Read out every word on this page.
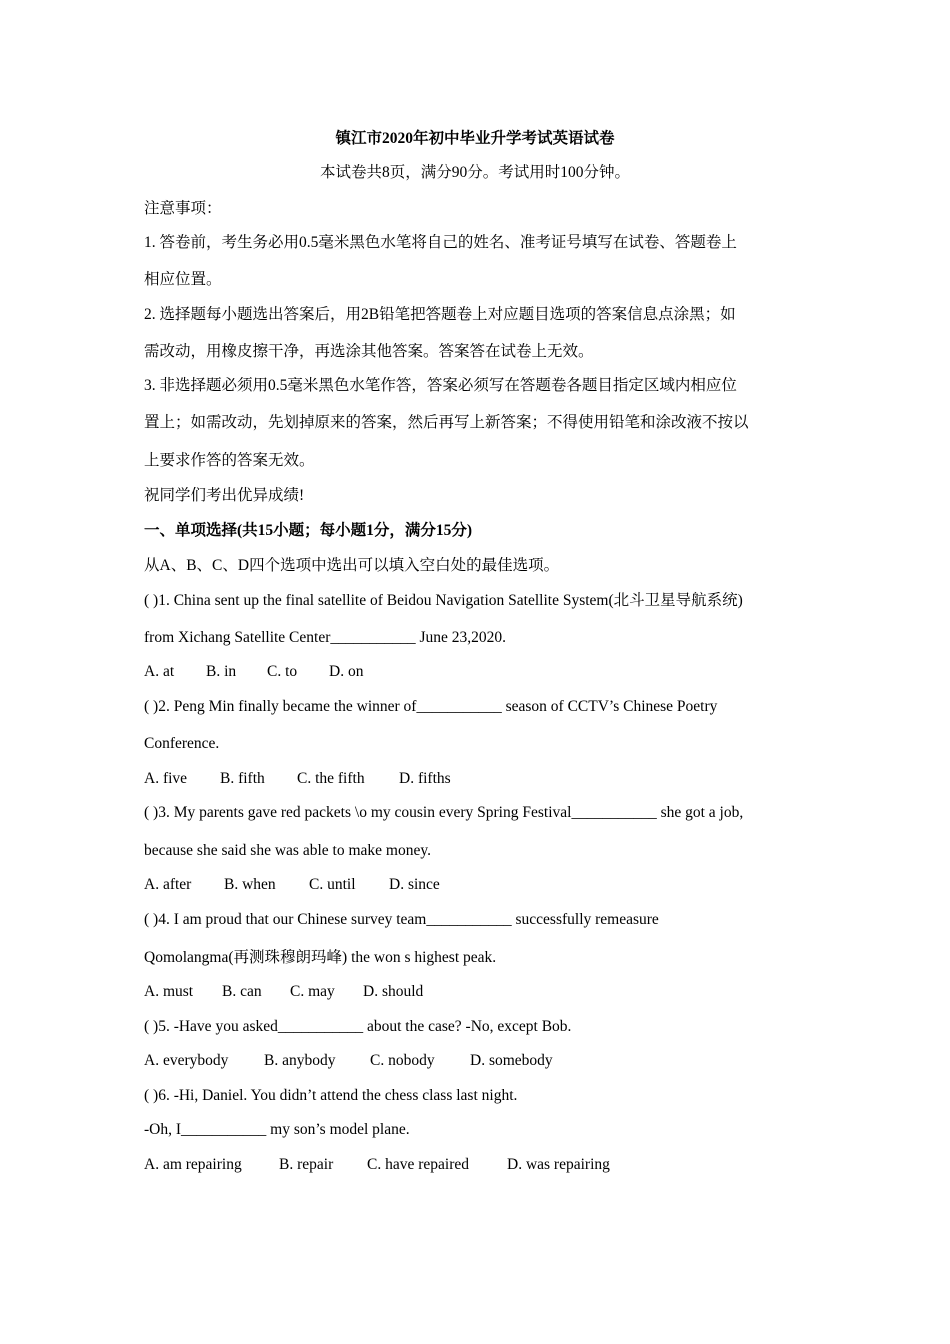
镇江市2020年初中毕业升学考试英语试卷
本试卷共8页，满分90分。考试用时100分钟。
注意事项：
1. 答卷前，考生务必用0.5毫米黑色水笔将自己的姓名、准考证号填写在试卷、答题卷上
相应位置。
2. 选择题每小题选出答案后，用2B铅笔把答题卷上对应题目选项的答案信息点涂黑；如
需改动，用橡皮擦干净，再选涂其他答案。答案答在试卷上无效。
3. 非选择题必须用0.5毫米黑色水笔作答，答案必须写在答题卷各题目指定区域内相应位
置上；如需改动，先划掉原来的答案，然后再写上新答案；不得使用铅笔和涂改液不按以
上要求作答的答案无效。
祝同学们考出优异成绩!
一、单项选择(共15小题；每小题1分，满分15分)
从A、B、C、D四个选项中选出可以填入空白处的最佳选项。
( )1. China sent up the final satellite of Beidou Navigation Satellite System(北斗卫星导航系统)
from Xichang Satellite Center___________ June 23,2020.
A. at B. in C. to D. on
( )2. Peng Min finally became the winner of___________ season of CCTV’s Chinese Poetry
Conference.
A. five B. fifth C. the fifth D. fifths
( )3. My parents gave red packets \o my cousin every Spring Festival___________ she got a job,
because she said she was able to make money.
A. after B. when C. until D. since
( )4. I am proud that our Chinese survey team___________ successfully remeasure
Qomolangma(再测珠穆朗玛峰) the won s highest peak.
A. must B. can C. may D. should
( )5. -Have you asked___________ about the case? -No, except Bob.
A. everybody B. anybody C. nobody D. somebody
( )6. -Hi, Daniel. You didn’t attend the chess class last night.
-Oh, I___________ my son’s model plane.
A. am repairing B. repair C. have repaired D. was repairing
